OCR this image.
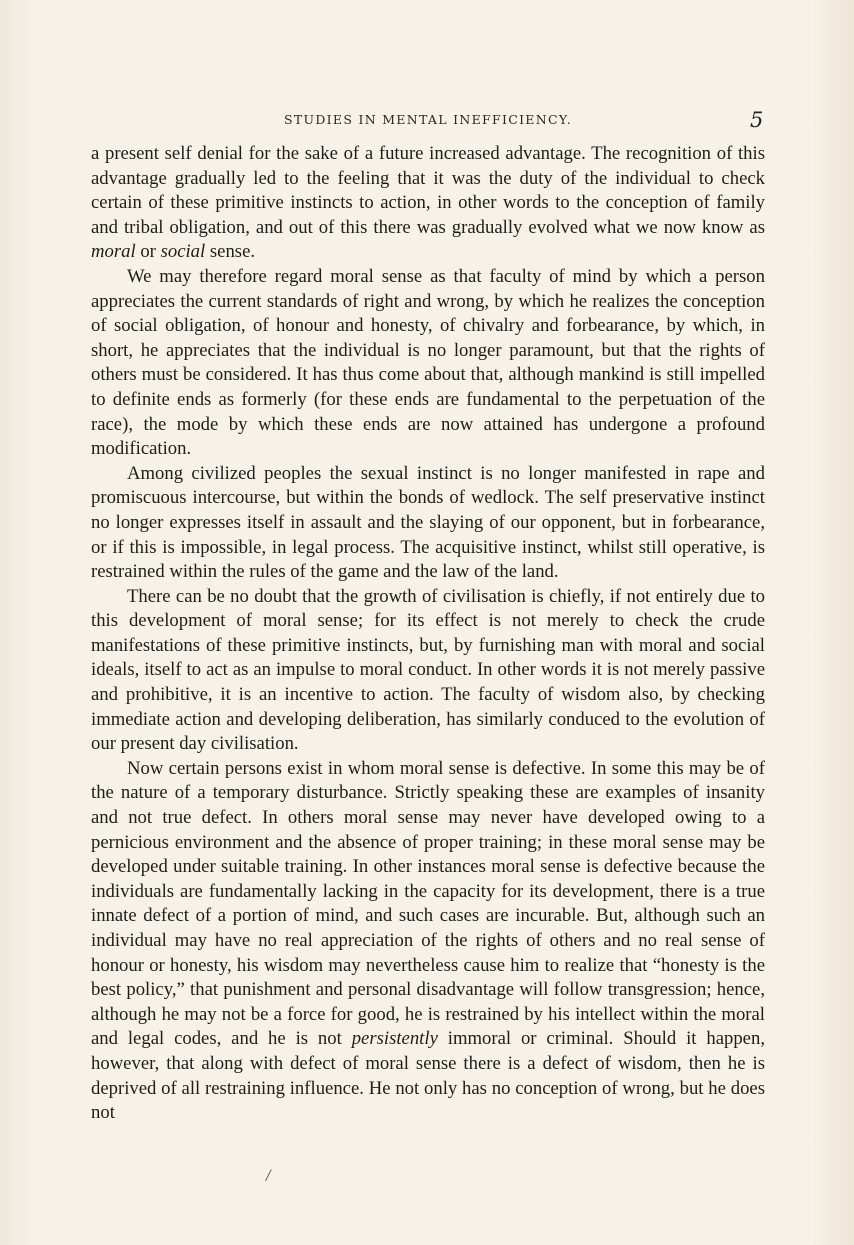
STUDIES IN MENTAL INEFFICIENCY.	5

a present self denial for the sake of a future increased advantage. The recognition of this advantage gradually led to the feeling that it was the duty of the individual to check certain of these primitive instincts to action, in other words to the conception of family and tribal obligation, and out of this there was gradually evolved what we now know as moral or social sense.

We may therefore regard moral sense as that faculty of mind by which a person appreciates the current standards of right and wrong, by which he realizes the conception of social obligation, of honour and honesty, of chivalry and forbearance, by which, in short, he appreciates that the individual is no longer paramount, but that the rights of others must be considered. It has thus come about that, although mankind is still impelled to definite ends as formerly (for these ends are fundamental to the perpetuation of the race), the mode by which these ends are now attained has undergone a profound modification.

Among civilized peoples the sexual instinct is no longer manifested in rape and promiscuous intercourse, but within the bonds of wedlock. The self preservative instinct no longer expresses itself in assault and the slaying of our opponent, but in forbearance, or if this is impossible, in legal process. The acquisitive instinct, whilst still operative, is restrained within the rules of the game and the law of the land.

There can be no doubt that the growth of civilisation is chiefly, if not entirely due to this development of moral sense; for its effect is not merely to check the crude manifestations of these primitive instincts, but, by furnishing man with moral and social ideals, itself to act as an impulse to moral conduct. In other words it is not merely passive and prohibitive, it is an incentive to action. The faculty of wisdom also, by checking immediate action and developing deliberation, has similarly conduced to the evolution of our present day civilisation.

Now certain persons exist in whom moral sense is defective. In some this may be of the nature of a temporary disturbance. Strictly speaking these are examples of insanity and not true defect. In others moral sense may never have developed owing to a pernicious environment and the absence of proper training; in these moral sense may be developed under suitable training. In other instances moral sense is defective because the individuals are fundamentally lacking in the capacity for its development, there is a true innate defect of a portion of mind, and such cases are incurable. But, although such an individual may have no real appreciation of the rights of others and no real sense of honour or honesty, his wisdom may nevertheless cause him to realize that “honesty is the best policy,” that punishment and personal disadvantage will follow transgression; hence, although he may not be a force for good, he is restrained by his intellect within the moral and legal codes, and he is not persistently immoral or criminal. Should it happen, however, that along with defect of moral sense there is a defect of wisdom, then he is deprived of all restraining influence. He not only has no conception of wrong, but he does not

/
